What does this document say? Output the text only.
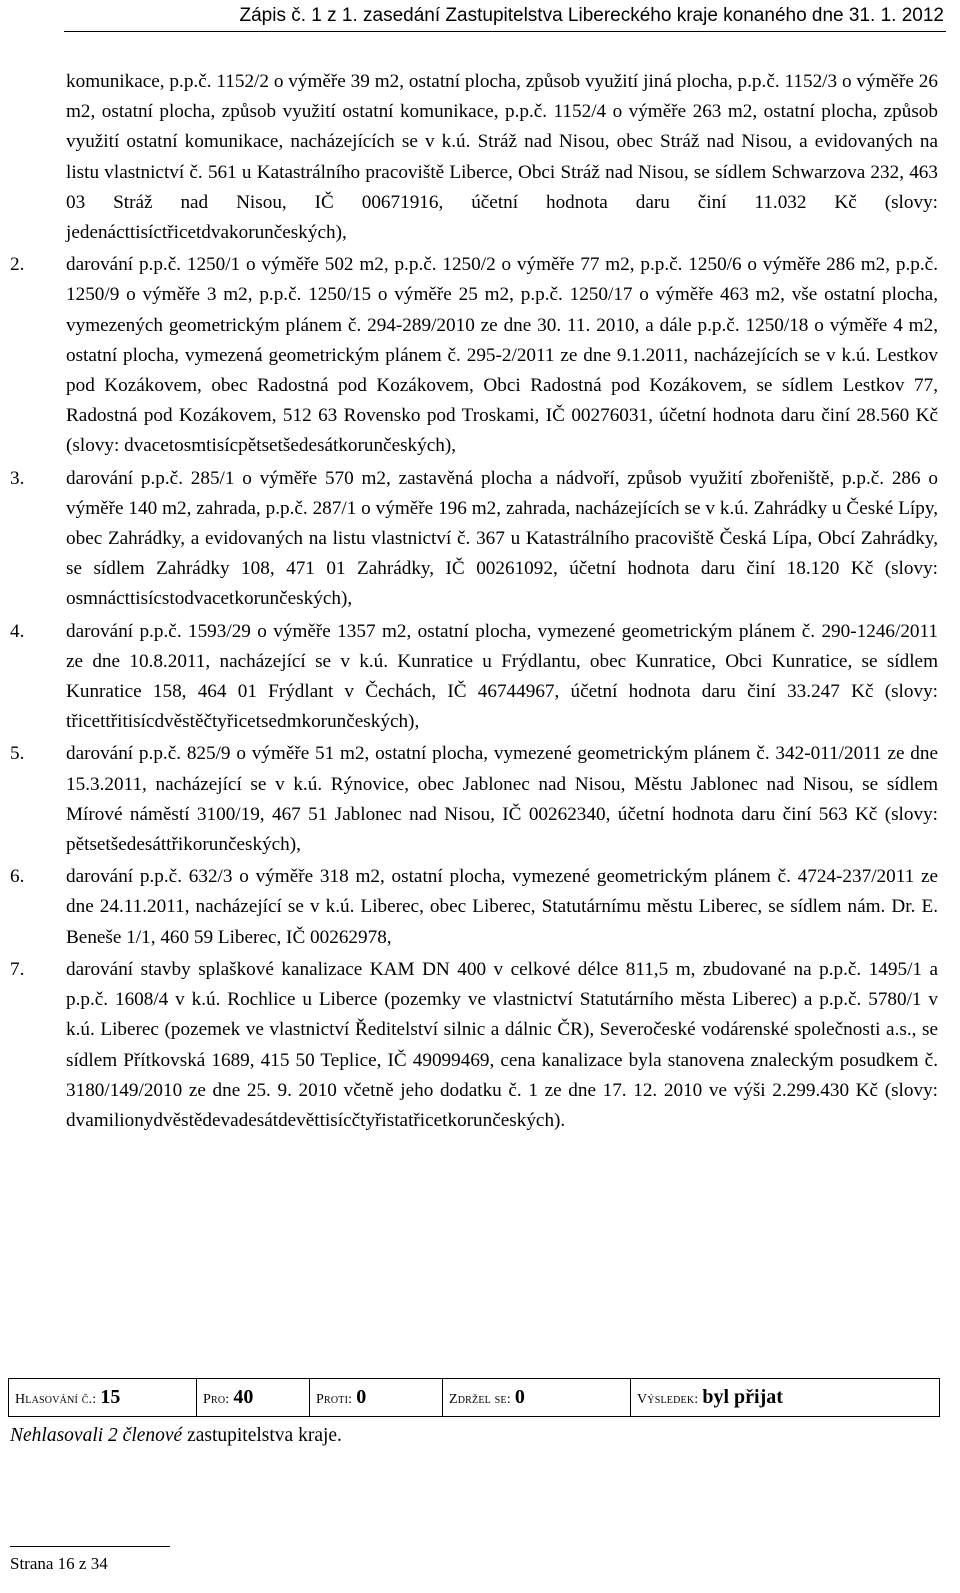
Zápis č. 1 z 1. zasedání Zastupitelstva Libereckého kraje konaného dne 31. 1. 2012

komunikace, p.p.č. 1152/2 o výměře 39 m2, ostatní plocha, způsob využití jiná plocha, p.p.č. 1152/3 o výměře 26 m2, ostatní plocha, způsob využití ostatní komunikace, p.p.č. 1152/4 o výměře 263 m2, ostatní plocha, způsob využití ostatní komunikace, nacházejících se v k.ú. Stráž nad Nisou, obec Stráž nad Nisou, a evidovaných na listu vlastnictví č. 561 u Katastrálního pracoviště Liberce, Obci Stráž nad Nisou, se sídlem Schwarzova 232, 463 03 Stráž nad Nisou, IČ 00671916, účetní hodnota daru činí 11.032 Kč (slovy: jedenácttisíctřicetdvakorunčeských),

2.	darování p.p.č. 1250/1 o výměře 502 m2, p.p.č. 1250/2 o výměře 77 m2, p.p.č. 1250/6 o výměře 286 m2, p.p.č. 1250/9 o výměře 3 m2, p.p.č. 1250/15 o výměře 25 m2, p.p.č. 1250/17 o výměře 463 m2, vše ostatní plocha, vymezených geometrickým plánem č. 294-289/2010 ze dne 30. 11. 2010, a dále p.p.č. 1250/18 o výměře 4 m2, ostatní plocha, vymezená geometrickým plánem č. 295-2/2011 ze dne 9.1.2011, nacházejících se v k.ú. Lestkov pod Kozákovem, obec Radostná pod Kozákovem, Obci Radostná pod Kozákovem, se sídlem Lestkov 77, Radostná pod Kozákovem, 512 63 Rovensko pod Troskami, IČ 00276031, účetní hodnota daru činí 28.560 Kč (slovy: dvacetosmtisícpětsetšedesátkorunčeských),
3.	darování p.p.č. 285/1 o výměře 570 m2, zastavěná plocha a nádvoří, způsob využití zbořeniště, p.p.č. 286 o výměře 140 m2, zahrada, p.p.č. 287/1 o výměře 196 m2, zahrada, nacházejících se v k.ú. Zahrádky u České Lípy, obec Zahrádky, a evidovaných na listu vlastnictví č. 367 u Katastrálního pracoviště Česká Lípa, Obcí Zahrádky, se sídlem Zahrádky 108, 471 01 Zahrádky, IČ 00261092, účetní hodnota daru činí 18.120 Kč (slovy: osmnácttisícstodvacetkorunčeských),
4.	darování p.p.č. 1593/29 o výměře 1357 m2, ostatní plocha, vymezené geometrickým plánem č. 290-1246/2011 ze dne 10.8.2011, nacházející se v k.ú. Kunratice u Frýdlantu, obec Kunratice, Obci Kunratice, se sídlem Kunratice 158, 464 01 Frýdlant v Čechách, IČ 46744967, účetní hodnota daru činí 33.247 Kč (slovy: třicettřitisícdvěstěčtyřicetsedmkorunčeských),
5.	darování p.p.č. 825/9 o výměře 51 m2, ostatní plocha, vymezené geometrickým plánem č. 342-011/2011 ze dne 15.3.2011, nacházející se v k.ú. Rýnovice, obec Jablonec nad Nisou, Městu Jablonec nad Nisou, se sídlem Mírové náměstí 3100/19, 467 51 Jablonec nad Nisou, IČ 00262340, účetní hodnota daru činí 563 Kč (slovy: pětsetšedesáttřikorunčeských),
6.	darování p.p.č. 632/3 o výměře 318 m2, ostatní plocha, vymezené geometrickým plánem č. 4724-237/2011 ze dne 24.11.2011, nacházející se v k.ú. Liberec, obec Liberec, Statutárnímu městu Liberec, se sídlem nám. Dr. E. Beneše 1/1, 460 59 Liberec, IČ 00262978,
7.	darování stavby splaškové kanalizace KAM DN 400 v celkové délce 811,5 m, zbudované na p.p.č. 1495/1 a p.p.č. 1608/4 v k.ú. Rochlice u Liberce (pozemky ve vlastnictví Statutárního města Liberec) a p.p.č. 5780/1 v k.ú. Liberec (pozemek ve vlastnictví Ředitelství silnic a dálnic ČR), Severočeské vodárenské společnosti a.s., se sídlem Přítkovská 1689, 415 50 Teplice, IČ 49099469, cena kanalizace byla stanovena znaleckým posudkem č. 3180/149/2010 ze dne 25. 9. 2010 včetně jeho dodatku č. 1 ze dne 17. 12. 2010 ve výši 2.299.430 Kč (slovy: dvamilionydvěstědevadesátdevěttisícčtyřistatřicetkorunčeských).
Hlasování č.: 15	Pro: 40	Proti: 0	Zdržel se: 0	Výsledek: byl přijat
Nehlasovali 2 členové zastupitelstva kraje.
Strana 16 z 34
